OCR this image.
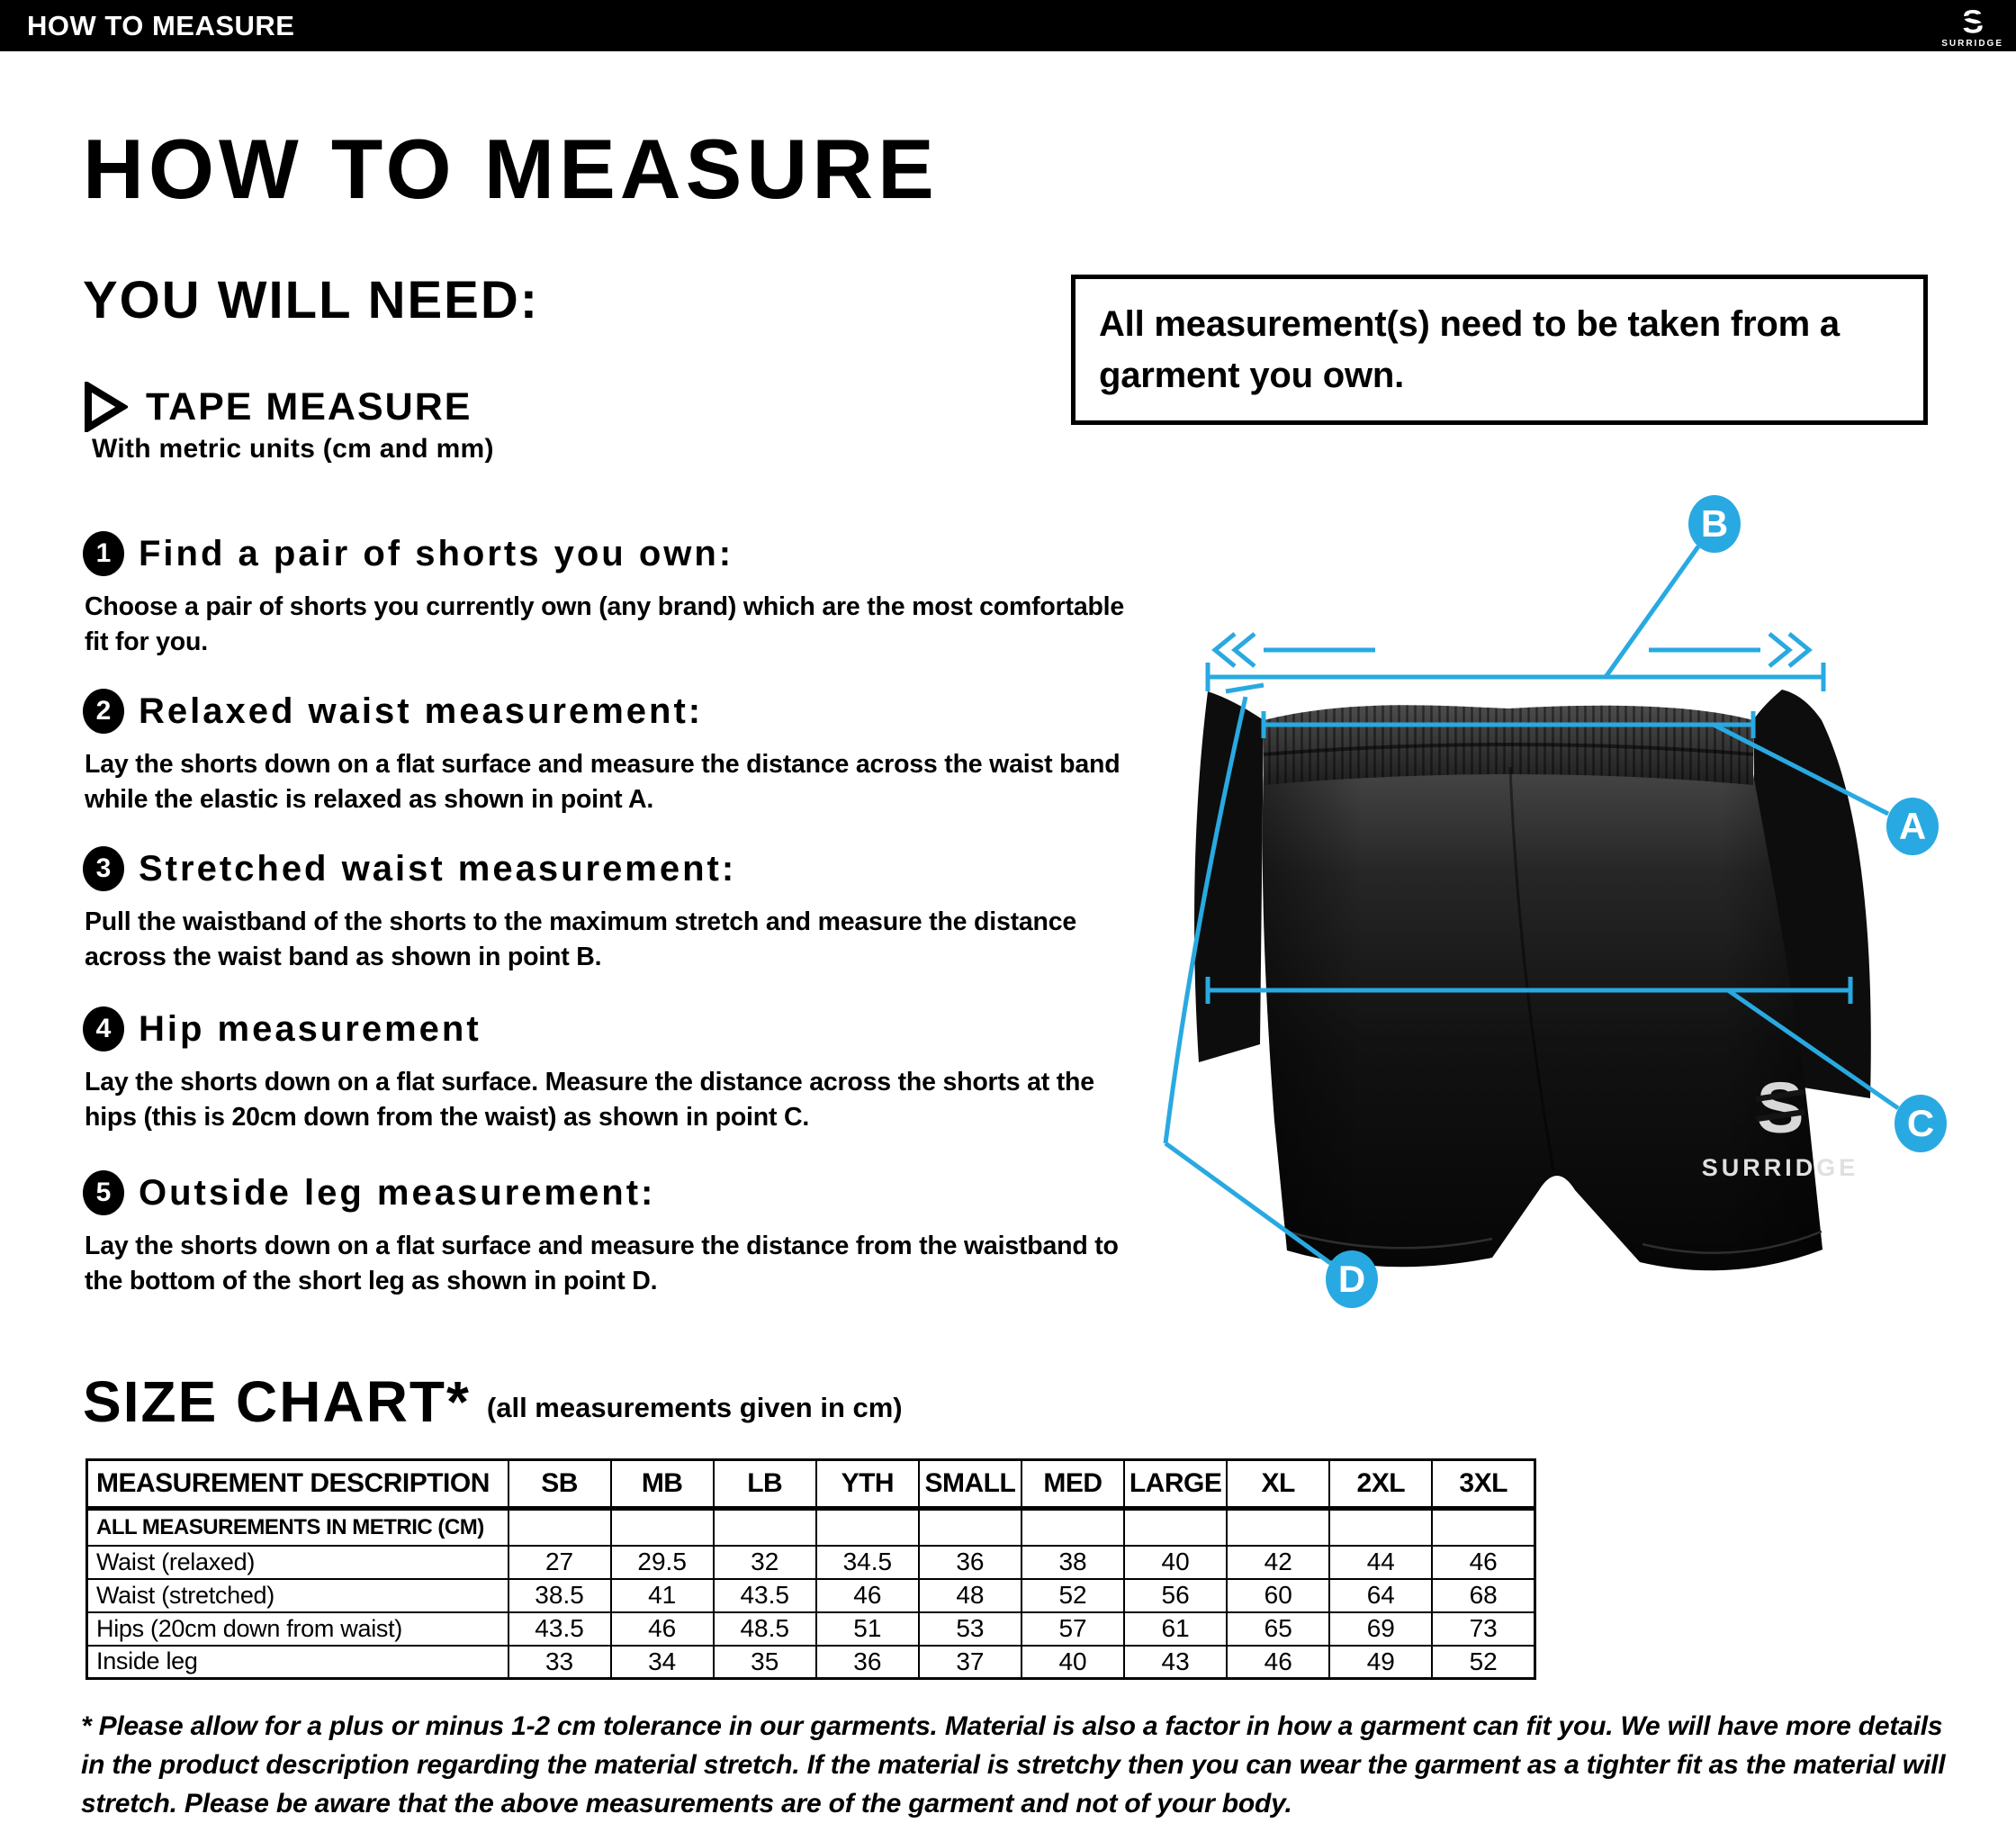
HOW TO MEASURE
SURRIDGE
HOW TO MEASURE
YOU WILL NEED:
TAPE MEASURE
With metric units (cm and mm)

All measurement(s) need to be taken from a garment you own.

1 Find a pair of shorts you own:

Choose a pair of shorts you currently own (any brand) which are the most comfortable fit for you.

2 Relaxed waist measurement:

Lay the shorts down on a flat surface and measure the distance across the waist band while the elastic is relaxed as shown in point A.

3 Stretched waist measurement:

Pull the waistband of the shorts to the maximum stretch and measure the distance across the waist band as shown in point B.

4 Hip measurement

Lay the shorts down on a flat surface. Measure the distance across the shorts at the hips (this is 20cm down from the waist) as shown in point C.

5 Outside leg measurement:

Lay the shorts down on a flat surface and measure the distance from the waistband to the bottom of the short leg as shown in point D.

SURRIDGE
B
A
C
D
SIZE CHART* (all measurements given in cm)
MEASUREMENT DESCRIPTION	SB	MB	LB	YTH	SMALL	MED	LARGE	XL	2XL	3XL
ALL MEASUREMENTS IN METRIC (CM)										
Waist (relaxed)	27	29.5	32	34.5	36	38	40	42	44	46
Waist (stretched)	38.5	41	43.5	46	48	52	56	60	64	68
Hips (20cm down from waist)	43.5	46	48.5	51	53	57	61	65	69	73
Inside leg	33	34	35	36	37	40	43	46	49	52

* Please allow for a plus or minus 1-2 cm tolerance in our garments. Material is also a factor in how a garment can fit you. We will have more details in the product description regarding the material stretch. If the material is stretchy then you can wear the garment as a tighter fit as the material will stretch. Please be aware that the above measurements are of the garment and not of your body.
